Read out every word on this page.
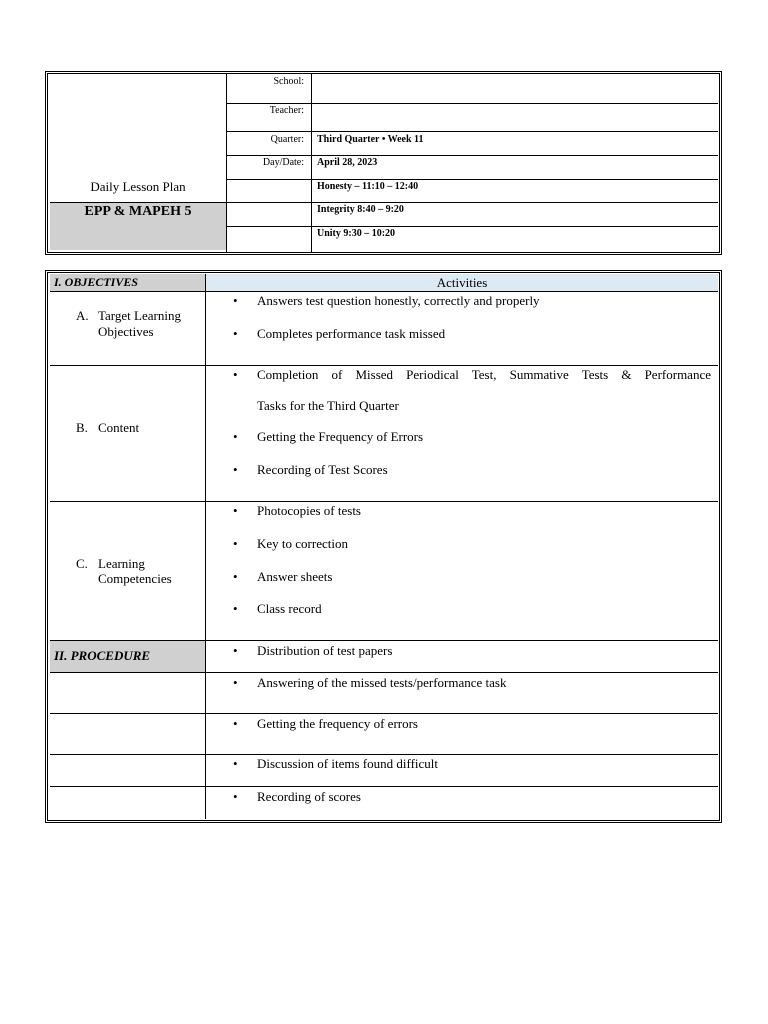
Daily Lesson Plan
EPP & MAPEH 5
School:
Teacher:
Quarter:
Day/Date:
Third Quarter • Week 11
April 28, 2023
Honesty – 11:10 – 12:40
Integrity 8:40 – 9:20
Unity 9:30 – 10:20
I. OBJECTIVES	Activities
II. PROCEDURE
A. Target Learning
Objectives
B. Content
C. Learning
Competencies
• Answers test question honestly, correctly and properly
• Completes performance task missed
• Completion of Missed Periodical Test, Summative Tests & Performance
Tasks for the Third Quarter
• Getting the Frequency of Errors
• Recording of Test Scores
• Photocopies of tests
• Key to correction
• Answer sheets
• Class record
• Distribution of test papers
• Answering of the missed tests/performance task
• Getting the frequency of errors
• Discussion of items found difficult
• Recording of scores
